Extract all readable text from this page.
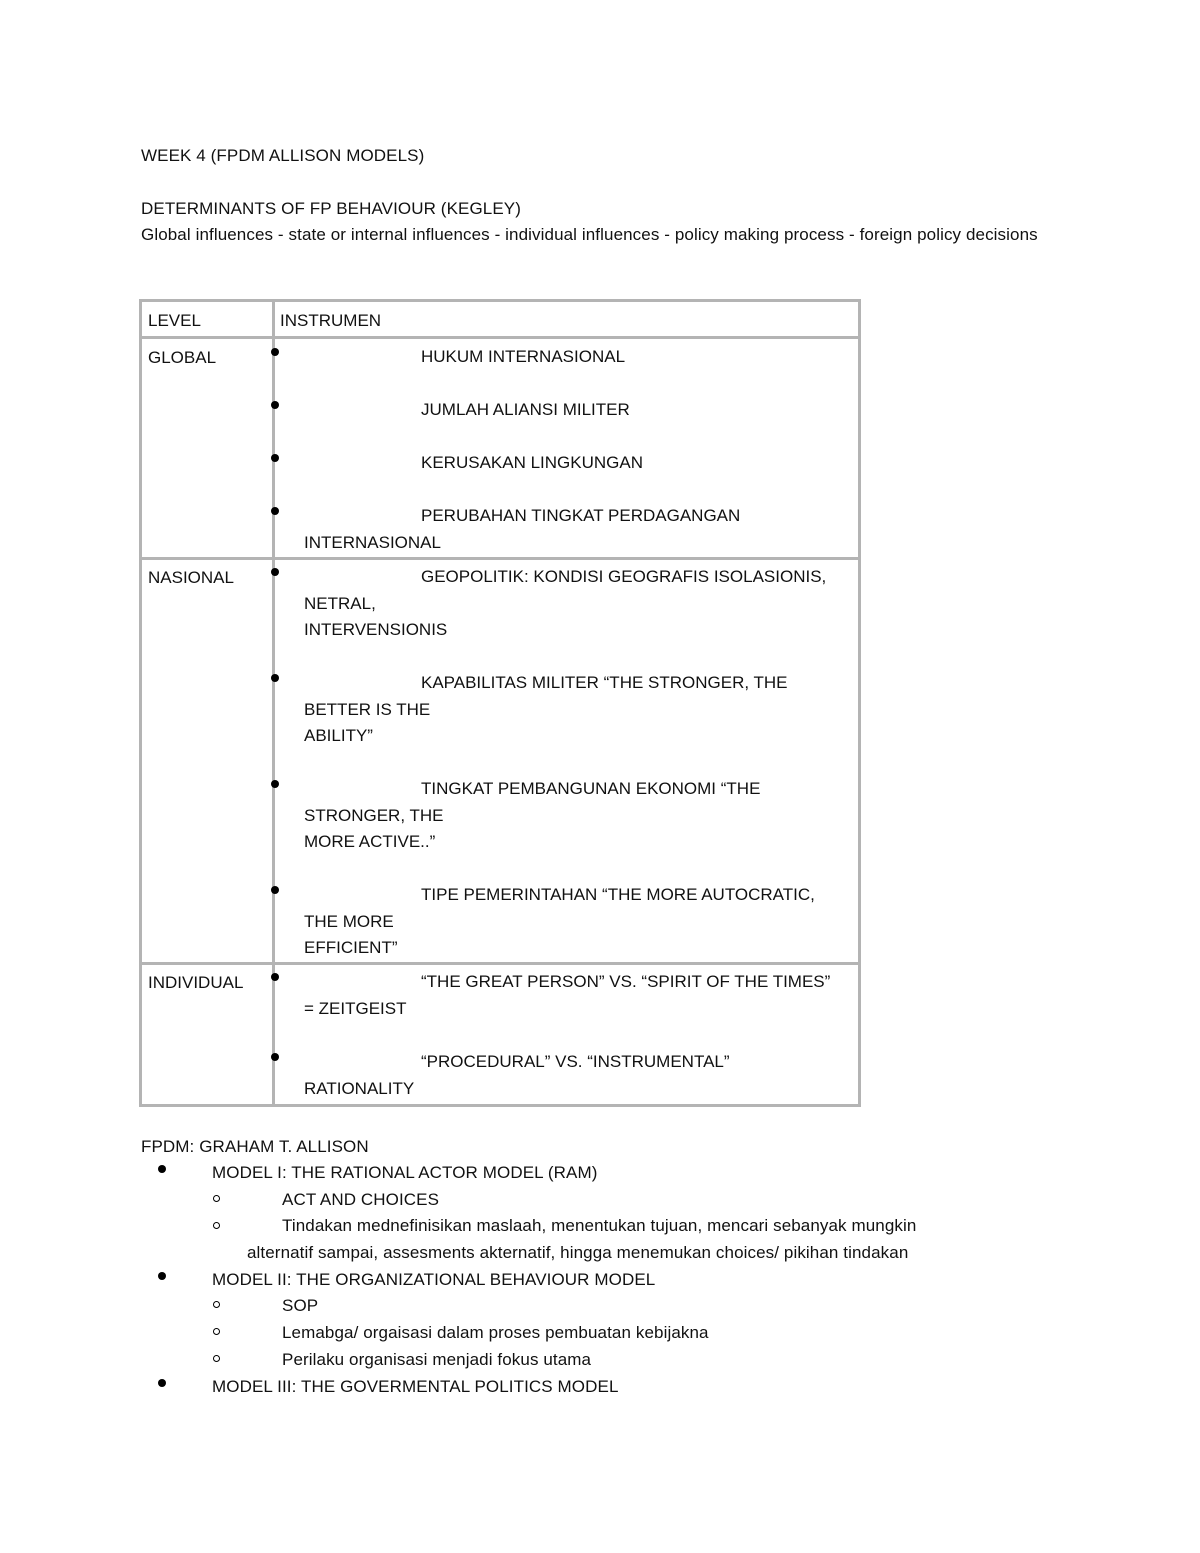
WEEK 4 (FPDM ALLISON MODELS)

DETERMINANTS OF FP BEHAVIOUR (KEGLEY)

Global influences - state or internal influences - individual influences - policy making process - foreign policy decisions

LEVEL	INSTRUMEN
GLOBAL	HUKUM INTERNASIONAL
JUMLAH ALIANSI MILITER
KERUSAKAN LINGKUNGAN
PERUBAHAN TINGKAT PERDAGANGAN
INTERNASIONAL
NASIONAL	GEOPOLITIK: KONDISI GEOGRAFIS ISOLASIONIS,
NETRAL,
INTERVENSIONIS
KAPABILITAS MILITER “THE STRONGER, THE
BETTER IS THE
ABILITY”
TINGKAT PEMBANGUNAN EKONOMI “THE
STRONGER, THE
MORE ACTIVE..”
TIPE PEMERINTAHAN “THE MORE AUTOCRATIC,
THE MORE
EFFICIENT”
INDIVIDUAL	“THE GREAT PERSON” VS. “SPIRIT OF THE TIMES”
= ZEITGEIST
“PROCEDURAL” VS. “INSTRUMENTAL”
RATIONALITY

FPDM: GRAHAM T. ALLISON

MODEL I: THE RATIONAL ACTOR MODEL (RAM)

ACT AND CHOICES

Tindakan mednefinisikan maslaah, menentukan tujuan, mencari sebanyak mungkin

alternatif sampai, assesments akternatif, hingga menemukan choices/ pikihan tindakan

MODEL II: THE ORGANIZATIONAL BEHAVIOUR MODEL

SOP

Lemabga/ orgaisasi dalam proses pembuatan kebijakna

Perilaku organisasi menjadi fokus utama

MODEL III: THE GOVERMENTAL POLITICS MODEL
